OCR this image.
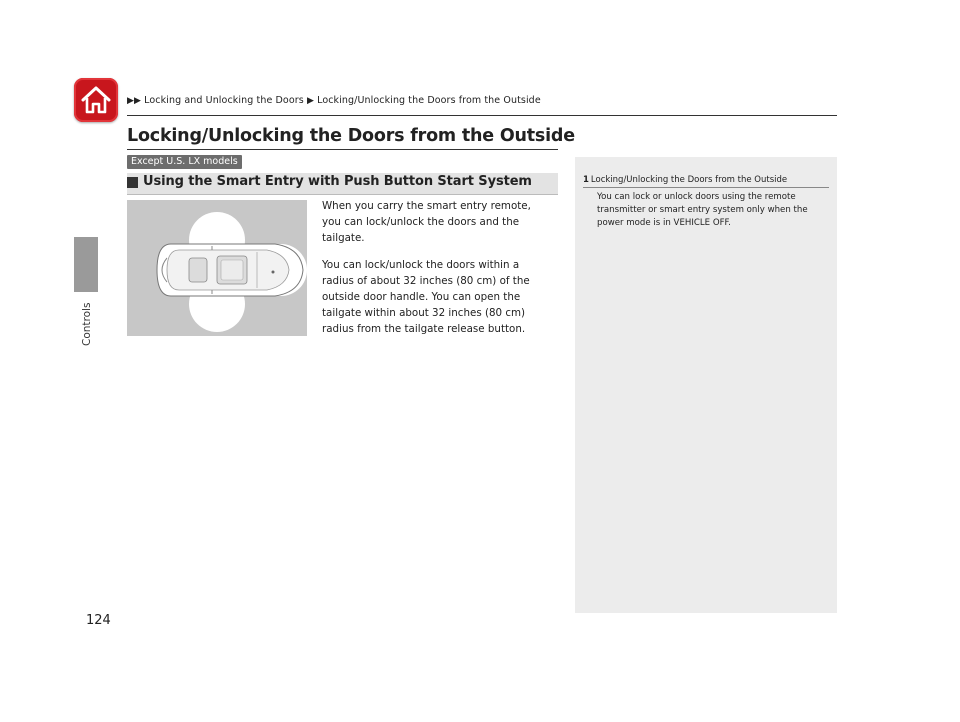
▶▶ Locking and Unlocking the Doors ▶ Locking/Unlocking the Doors from the Outside
Controls
124
Locking/Unlocking the Doors from the Outside
Except U.S. LX models
Using the Smart Entry with Push Button Start System

When you carry the smart entry remote, you can lock/unlock the doors and the tailgate.

You can lock/unlock the doors within a radius of about 32 inches (80 cm) of the outside door handle. You can open the tailgate within about 32 inches (80 cm) radius from the tailgate release button.

1 Locking/Unlocking the Doors from the Outside
You can lock or unlock doors using the remote transmitter or smart entry system only when the power mode is in VEHICLE OFF.
